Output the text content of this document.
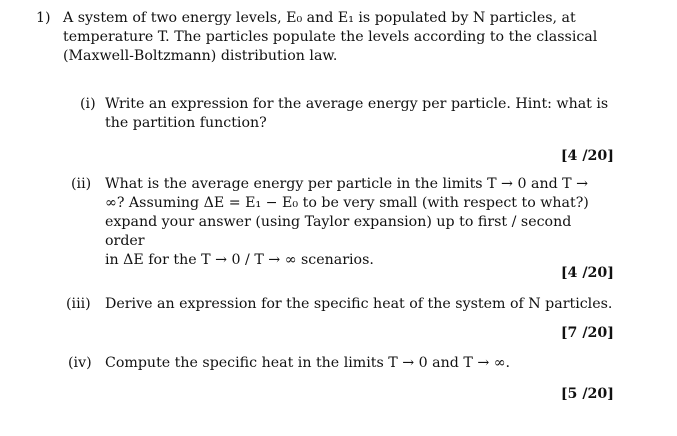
1) A system of two energy levels, E₀ and E₁ is populated by N particles, at
temperature T. The particles populate the levels according to the classical
(Maxwell-Boltzmann) distribution law.
(i) Write an expression for the average energy per particle. Hint: what is
the partition function?
[4 /20]
(ii) What is the average energy per particle in the limits T → 0 and T →
∞? Assuming ΔE = E₁ − E₀ to be very small (with respect to what?)
expand your answer (using Taylor expansion) up to first / second order
in ΔE for the T → 0 / T → ∞ scenarios.
[4 /20]
(iii) Derive an expression for the specific heat of the system of N particles.
[7 /20]
(iv) Compute the specific heat in the limits T → 0 and T → ∞.
[5 /20]
